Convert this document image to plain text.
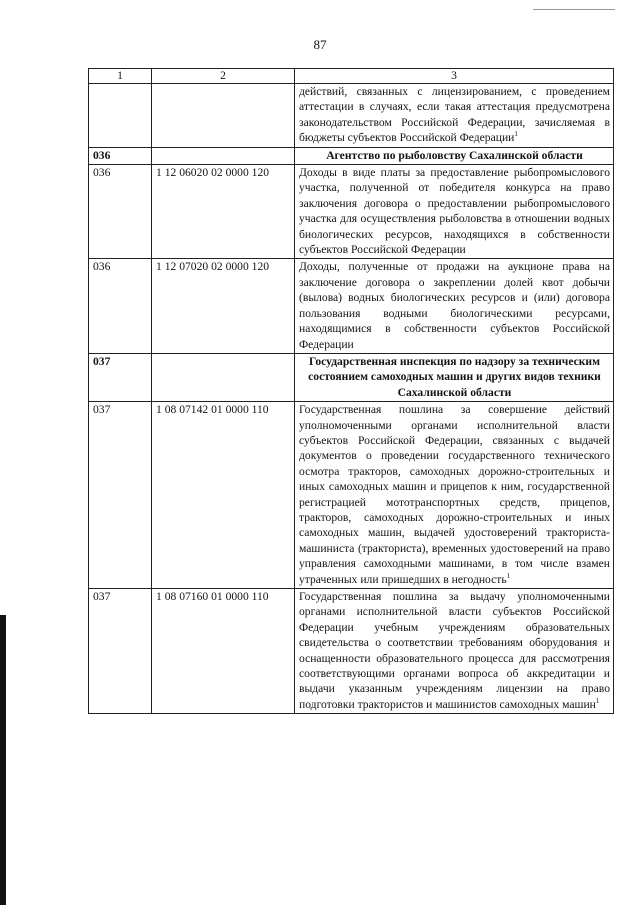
87
1	2	3
		действий, связанных с лицензированием, с проведением аттестации в случаях, если такая аттестация предусмотрена законодательством Российской Федерации, зачисляемая в бюджеты субъектов Российской Федерации$^1$
036		Агентство по рыболовству Сахалинской области
036	1 12 06020 02 0000 120	Доходы в виде платы за предоставление рыбопромыслового участка, полученной от победителя конкурса на право заключения договора о предоставлении рыбопромыслового участка для осуществления рыболовства в отношении водных биологических ресурсов, находящихся в собственности субъектов Российской Федерации
036	1 12 07020 02 0000 120	Доходы, полученные от продажи на аукционе права на заключение договора о закреплении долей квот добычи (вылова) водных биологических ресурсов и (или) договора пользования водными биологическими ресурсами, находящимися в собственности субъектов Российской Федерации
037		Государственная инспекция по надзору за техническим состоянием самоходных машин и других видов техники Сахалинской области
037	1 08 07142 01 0000 110	Государственная пошлина за совершение действий уполномоченными органами исполнительной власти субъектов Российской Федерации, связанных с выдачей документов о проведении государственного технического осмотра тракторов, самоходных дорожно-строительных и иных самоходных машин и прицепов к ним, государственной регистрацией мототранспортных средств, прицепов, тракторов, самоходных дорожно-строительных и иных самоходных машин, выдачей удостоверений тракториста-машиниста (тракториста), временных удостоверений на право управления самоходными машинами, в том числе взамен утраченных или пришедших в негодность$^1$
037	1 08 07160 01 0000 110	Государственная пошлина за выдачу уполномоченными органами исполнительной власти субъектов Российской Федерации учебным учреждениям образовательных свидетельства о соответствии требованиям оборудования и оснащенности образовательного процесса для рассмотрения соответствующими органами вопроса об аккредитации и выдачи указанным учреждениям лицензии на право подготовки трактористов и машинистов самоходных машин$^1$
